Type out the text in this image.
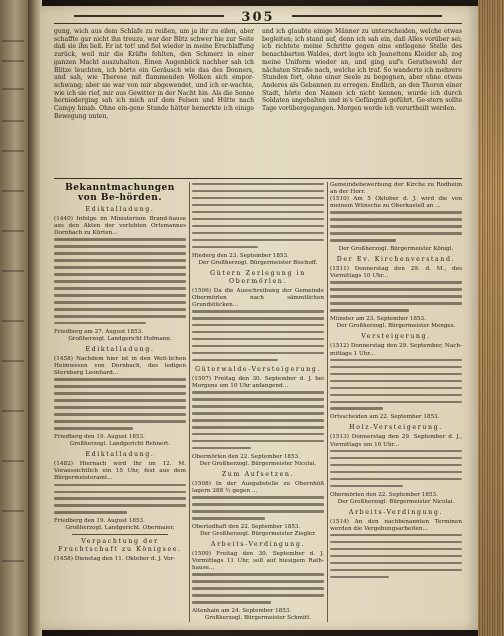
305

gung, wich aus dem Schlafe zu reißen, um ja ihr zu eilen, aber schaffte gar nicht ihn treuzu, war der Blitz schwer hie zur Seite daß sie ihn ließ. Er ist tot! und fiel wieder in meine Erschlaffung zurück, weil mir die Kräfte fehlten, den Schmerz in einer ganzen Macht auszuhalten. Einen Augenblick nachher sah ich Blitze leuchten, ich hörte ein Geräusch wie das des Donners, und sah, wie Therese mit flammenden Wolken sich empor-schwang; aber sie war von mir abgewendet, und ich er-wachte, wie ich sie rief, mir aus Gewitter in der Nacht hin. Als die Sonne herniederging sah ich mich auf dem Felsen und Hütte nach Campy hinab. Ohne ein-gene Stunde hätter hemerkte ich einige Bewegung unten,

und ich glaubte einige Männer zu unterscheiden, welche etwas begleiten; ich stand auf, denn ich sah ein, daß Alles vorüber sei; ich richtete meine Schritte gegen eine entlegene Stelle des benachbarten Waldes, dort legte ich Jeanettens Kleider ab, zog meine Uniform wieder an, und ging auf's Gerathewohl der nächsten Straße nach, welche ich traf. So wanderte ich mehrere Stunden fort, ohne einer Seele zu begegnen, aber ohne etwas Anderes als Gebannen zu erregen. Endlich, an den Thoren einer Stadt, hörte den Namen ich nicht kennen, wurde ich durch Soldaten angehalten und in's Gefängniß geführt. Ge-stern sollte Tage vorübergegangen. Morgen werde ich verurtheilt werden.

Bekanntmachungen von Be-hörden.
Ediktalladung.
(1440) Infolge im Ministerium Brand-hause aus den Akten der verlebten Ortsmannes Dornbach zu Kürten...
Friedberg am 27. August 1853.
Großherzogl. Landgericht Hofmann.
Ediktalladung.
(1458) Nachdem hier ist in den Weit-lichen Heimwesen von Dornbach, des ledigen Sternberg Leonhard...
Friedberg den 19. August 1853.
Großherzogl. Landgericht Rehnert.
Ediktalladung.
(1482) Hiernach wird Ihr im 12. M. Voraussichtlich ein 15 Uhr, fest aus dem Bürgermeisteramt...
Friedberg den 19. August 1853.
Großherzogl. Landgericht. Obermaier.
Verpachtung der Fruchtschaft zu Königsee.
(1458) Dienstag den 11. Oktober d. J. Vor-
Hiederg den 23. September 1853.
Der Großherzogl. Bürgermeister Bischoff.
Gütern Zerlegung in Obermörlen.
(1506) Da die Ausschreibung der Gemeinde Obermörlen nach sämmtlichen Grundstücken...
Güterwalde-Versteigerung.
(1507) Freitag den 30. September d. J. bei Morgens um 10 Uhr anfangend...
Obermörlen den 22. September 1853.
Der Großherzogl. Bürgermeister Nicolai.
Zum Aufsetzen.
(1508) In der Ausgabstelle zu Obernhöß lagern 288 ½ gegen ...
Obertodhaft den 22. September 1853.
Der Großherzogl. Bürgermeister Ziegler.
Arbeits-Verdingung.
(1509) Freitag den 30. September d. J. Vormittags 11 Uhr, soll auf hiesigem Rath-hause...
Altenhain am 24. September 1853.
Großherzogl. Bürgermeister Schmitt.
Gemeindebewerbung der Kirche zu Rodheim an der Horr.
(1510) Am 5 Oktober d. J. wird die von meinem Wünsche zu Oberkastell an ...
Der Großherzogl. Bürgermeister Königl.
Der Ev. Kirchenverstand.
(1511) Donnerstag den 29. d. M., des Vormittags 10 Uhr...
Münster am 23. September 1853.
Der Großherzogl. Bürgermeister Menges.
Versteigerung.
(1512) Donnerstag den 29. September, Nach-mittags 1 Uhr...
Ortsscheiden am 22. September 1853.
Holz-Versteigerung.
(1513) Donnerstag den 29. September d. J., Vormittags um 10 Uhr...
Obermörlen den 22. September 1853.
Der Großherzogl. Bürgermeister Nicolai.
Arbeits-Verdingung.
(1514) An den nachbenannten Terminen werden die Vergebungsarbeiten...
